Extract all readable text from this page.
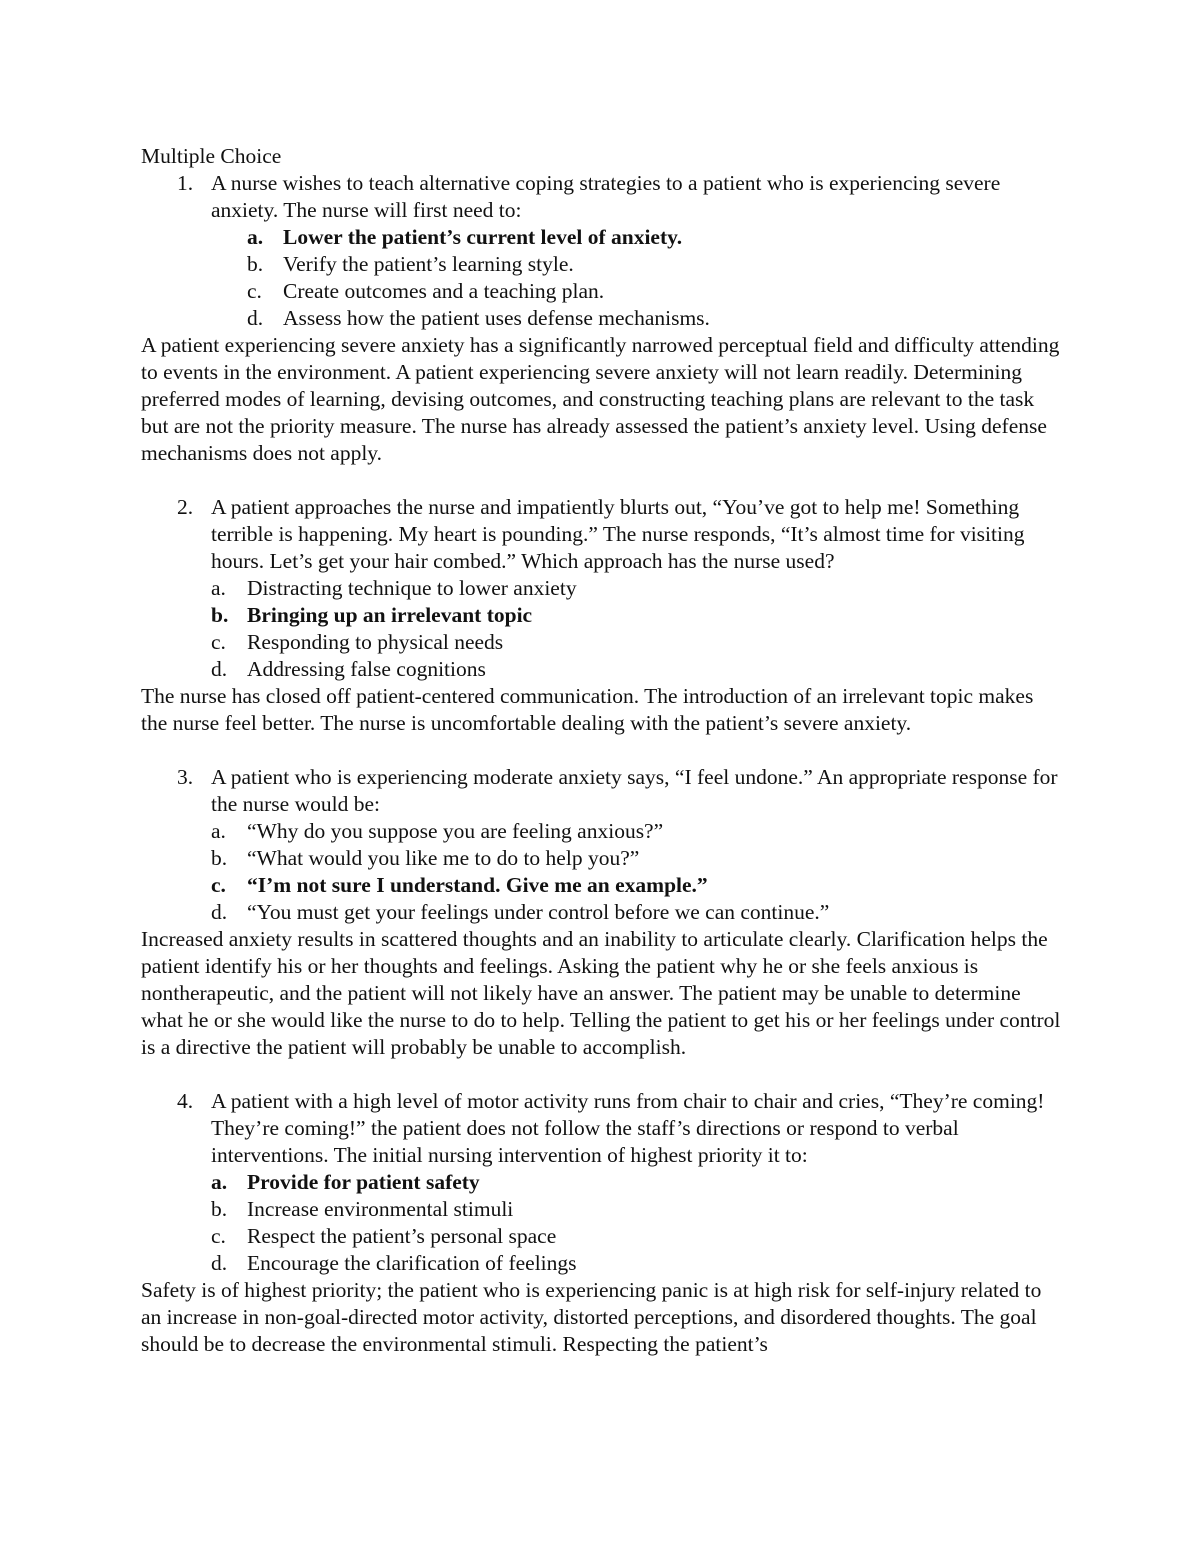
Multiple Choice
1. A nurse wishes to teach alternative coping strategies to a patient who is experiencing severe anxiety. The nurse will first need to:
a. Lower the patient’s current level of anxiety.
b. Verify the patient’s learning style.
c. Create outcomes and a teaching plan.
d. Assess how the patient uses defense mechanisms.

A patient experiencing severe anxiety has a significantly narrowed perceptual field and difficulty attending to events in the environment. A patient experiencing severe anxiety will not learn readily. Determining preferred modes of learning, devising outcomes, and constructing teaching plans are relevant to the task but are not the priority measure. The nurse has already assessed the patient’s anxiety level. Using defense mechanisms does not apply.

2. A patient approaches the nurse and impatiently blurts out, “You’ve got to help me! Something terrible is happening. My heart is pounding.” The nurse responds, “It’s almost time for visiting hours. Let’s get your hair combed.” Which approach has the nurse used?
a. Distracting technique to lower anxiety
b. Bringing up an irrelevant topic
c. Responding to physical needs
d. Addressing false cognitions

The nurse has closed off patient-centered communication. The introduction of an irrelevant topic makes the nurse feel better. The nurse is uncomfortable dealing with the patient’s severe anxiety.

3. A patient who is experiencing moderate anxiety says, “I feel undone.” An appropriate response for the nurse would be:
a. “Why do you suppose you are feeling anxious?”
b. “What would you like me to do to help you?”
c. “I’m not sure I understand. Give me an example.”
d. “You must get your feelings under control before we can continue.”

Increased anxiety results in scattered thoughts and an inability to articulate clearly. Clarification helps the patient identify his or her thoughts and feelings. Asking the patient why he or she feels anxious is nontherapeutic, and the patient will not likely have an answer. The patient may be unable to determine what he or she would like the nurse to do to help. Telling the patient to get his or her feelings under control is a directive the patient will probably be unable to accomplish.

4. A patient with a high level of motor activity runs from chair to chair and cries, “They’re coming! They’re coming!” the patient does not follow the staff’s directions or respond to verbal interventions. The initial nursing intervention of highest priority it to:
a. Provide for patient safety
b. Increase environmental stimuli
c. Respect the patient’s personal space
d. Encourage the clarification of feelings

Safety is of highest priority; the patient who is experiencing panic is at high risk for self-injury related to an increase in non-goal-directed motor activity, distorted perceptions, and disordered thoughts. The goal should be to decrease the environmental stimuli. Respecting the patient’s
